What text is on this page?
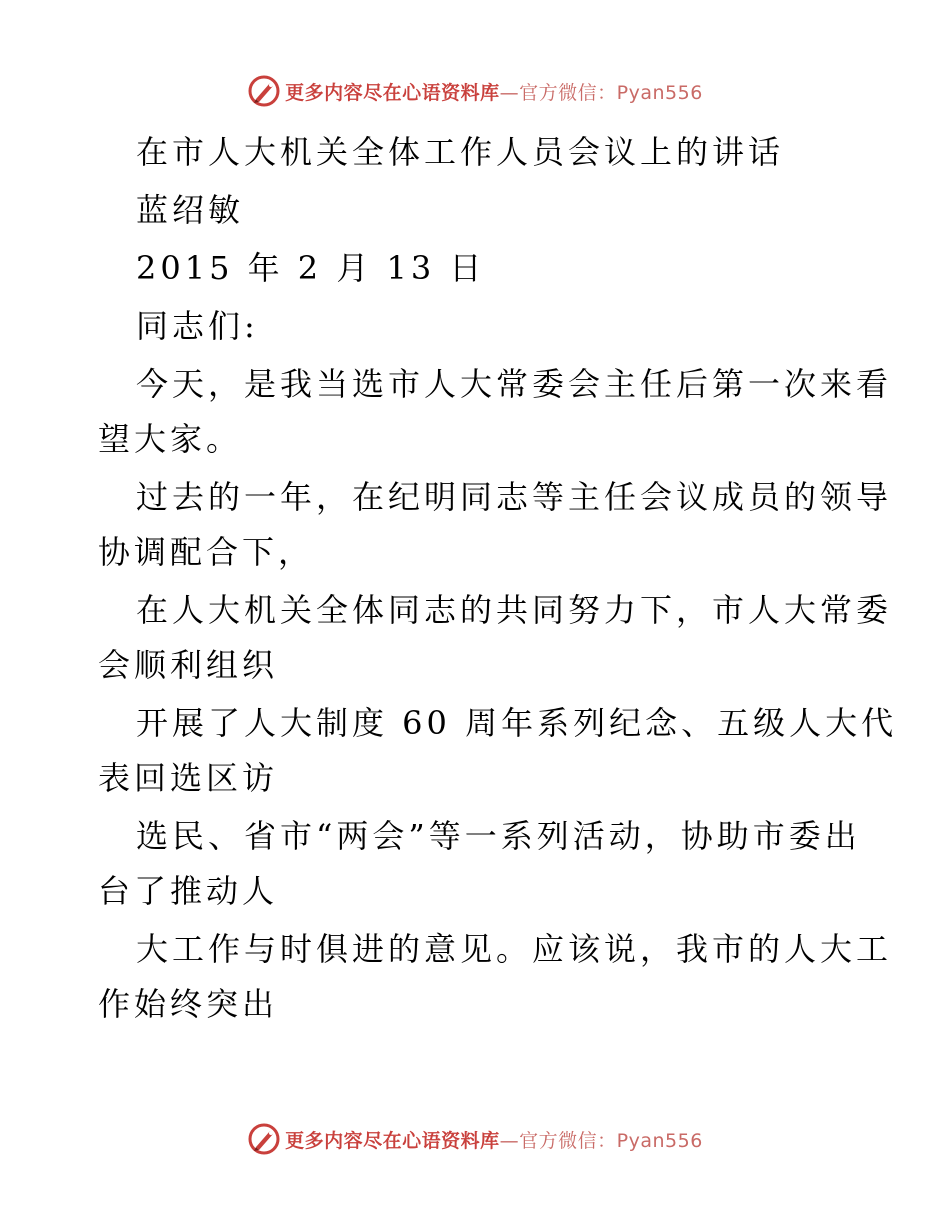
更多内容尽在心语资料库—官方微信：Pyan556

在市人大机关全体工作人员会议上的讲话

蓝绍敏

2015 年 2 月 13 日

同志们:

今天，是我当选市人大常委会主任后第一次来看

望大家。

过去的一年，在纪明同志等主任会议成员的领导

协调配合下，

在人大机关全体同志的共同努力下，市人大常委

会顺利组织

开展了人大制度 60 周年系列纪念、五级人大代

表回选区访

选民、省市“两会”等一系列活动，协助市委出

台了推动人

大工作与时俱进的意见。应该说，我市的人大工

作始终突出

更多内容尽在心语资料库—官方微信：Pyan556
